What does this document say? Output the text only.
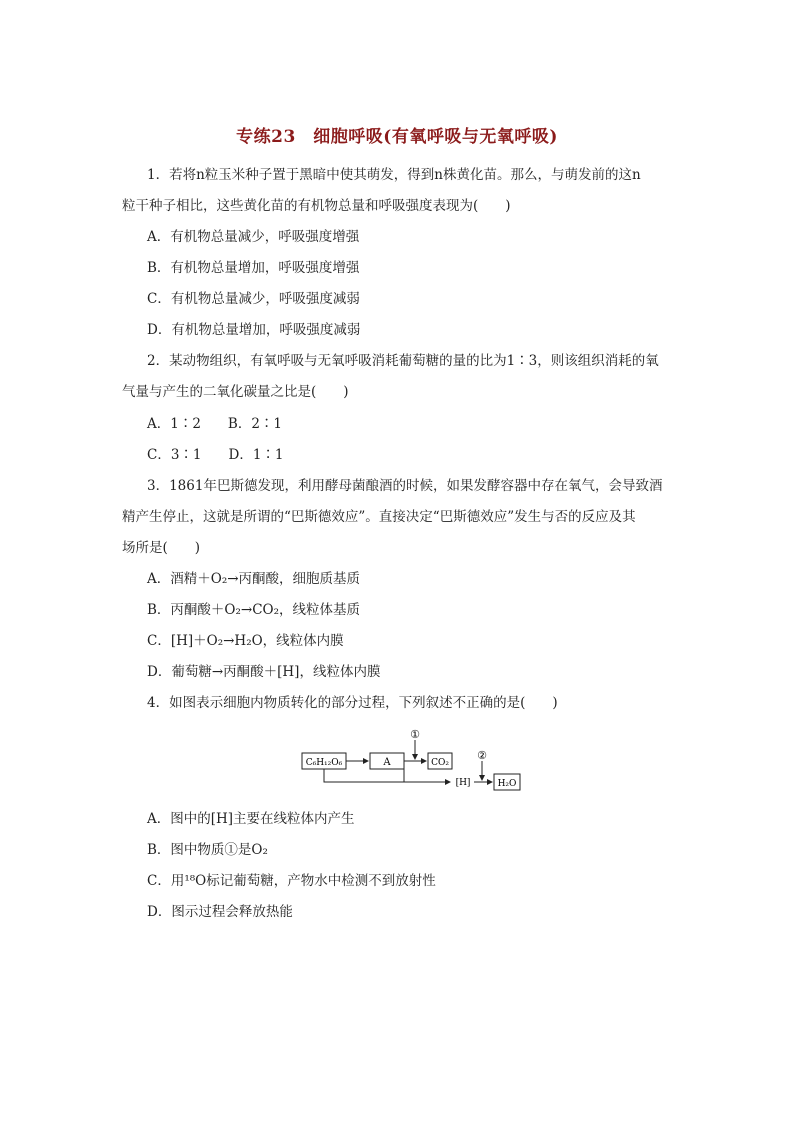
专练23　细胞呼吸(有氧呼吸与无氧呼吸)
1．若将n粒玉米种子置于黑暗中使其萌发，得到n株黄化苗。那么，与萌发前的这n
粒干种子相比，这些黄化苗的有机物总量和呼吸强度表现为(　　)
A．有机物总量减少，呼吸强度增强
B．有机物总量增加，呼吸强度增强
C．有机物总量减少，呼吸强度减弱
D．有机物总量增加，呼吸强度减弱
2．某动物组织，有氧呼吸与无氧呼吸消耗葡萄糖的量的比为1∶3，则该组织消耗的氧
气量与产生的二氧化碳量之比是(　　)
A．1∶2　　B．2∶1
C．3∶1　　D．1∶1
3．1861年巴斯德发现，利用酵母菌酿酒的时候，如果发酵容器中存在氧气，会导致酒
精产生停止，这就是所谓的“巴斯德效应”。直接决定“巴斯德效应”发生与否的反应及其
场所是(　　)
A．酒精＋O₂→丙酮酸，细胞质基质
B．丙酮酸＋O₂→CO₂，线粒体基质
C．[H]＋O₂→H₂O，线粒体内膜
D．葡萄糖→丙酮酸＋[H]，线粒体内膜
4．如图表示细胞内物质转化的部分过程，下列叙述不正确的是(　　)
C₆H₁₂O₆	A
①
CO₂
[H]
②
H₂O
A．图中的[H]主要在线粒体内产生
B．图中物质①是O₂
C．用¹⁸O标记葡萄糖，产物水中检测不到放射性
D．图示过程会释放热能
